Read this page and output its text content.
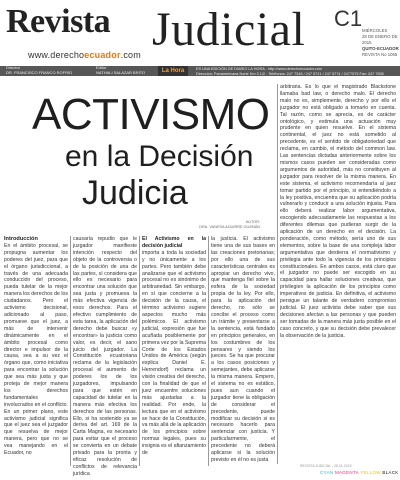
Revista
www.derechoecuador.com Judicial C1 MIÉRCOLES
28 DE ENERO DE 2015
QUITO-ECUADOR
REVISTA No 1065
Director
DR. FRANCISCO FRANCO ROFRÍO
Editor
NATHALI SALAZAR BRITO	La Hora	ES UNA EDICIÓN DE DIARIO LA HORA - http://www.derechoecuador.com
Dirección: Panamericana Norte Km 3 1/2 - Teléfonos: 247 7345 / 247 5721 / 247 5774 / 2477575 Fax: 247 7505
ACTIVISMO
en la Decisión
Judicia
AUTOR:
DRA. VANESA AGUIRRE GUZMÁN

Introducción

En el ámbito procesal, se propugna aumentar los poderes del juez, para que el órgano jurisdiccional, a través de una adecuada conducción del proceso, pueda tutelar de la mejor manera los derechos de los ciudadanos. Pero el activismo decisional, adicionado al paso, promueve que el juez, a más de intervenir dinámicamente en el ámbito procesal como director e impulsor de la causa, sea a su vez el órgano que, como iniciativa para encontrar la solución que sea más justa y que proteja de mejor manera los derechos fundamentales involucrados en el conflicto. En un primer plano, este activismo judicial significa que el juez sea el juzgador que resuelva de mejor manera, pero que no se vea manejando en el Ecuador, no

causaría repudio que le juzgador manifieste intención respecto del objeto de la controversia o de la posición de una de las partes, sí considera que ello es necesario para encontrar una solución que sea justa y promueva la más efectiva vigencia de esos derechos. Para el efectivo cumplimiento de esta tarea, la aplicación del derecho debe buscar «y encontrar» la justicia como valor, es decir, el sano juicio del juzgador. La Constitución ecuatoriana reclama de la legislación procesal el aumento de poderes los de los juzgadores, impulsando para que estén en capacidad de tutelar en la manera más efectiva los derechos de las personas. Ello, si ha sostenido ya se deriva del art. 169 de la Carta Magna, es necesario para evitar que el proceso se convierta en un debate privado para la pronta y eficaz resolución de conflictos de relevancia jurídica

El Activismo en la decisión judicial

importa a toda la sociedad y no únicamente a los partes. Pero también debe analizarse que el activismo procesal no es sinónimo de arbitrariedad. Sin embargo, en sí que concierne a la decisión de la causa, el término activismo sugiere aspectos mucho más polémicos. El activismo judicial, expresión que fue acuñada posiblemente por primera vez por la Suprema Corte de los Estados Unidos de América (según explica Daniel E. Herrendorf) reclama un visión creativa del derecho, con la finalidad de que el juez encuentre soluciones más ajustadas a la realidad. Por ende, la lectura que en el activismo se hace de la Constitución, va más allá de la aplicación de los principios sobre normas legales, pues su insignia es el afianzamiento de

la justicia. El activismo tiene una de sus bases en las creaciones pretorianas; por ello una de sus características centrales es apropiar un derecho vivo, que mantenga fiel sobre la esfera de la sociedad propia de la ley. Por ello, para la aplicación del derecho, no sólo se concibe el proceso como un trámite y presentarse a la sentencia, está fundado en principios generales, en los costumbres de los pensares y siendo los jueces. Se ha que procurar a los casos posiciones y semejantes, debe aplicarse la misma manera. Empero, el sistema no es estático, pues aun cuando el juzgador tiene la obligación de considerar el precedente, puede modificar su decisión si es necesario hacerlo para sentenciar con justicia. Y particularmente, el precedente no deberá aplicarse si la solución previsto en él no es justa

arbitraria. Es lo que el magistrado Blackstone llamaba bad law, o derecho malo. El derecho malo no es, simplemente, derecho y por ello el juzgador no está obligado a tomarlo en cuenta. Tal razón, como se aprecia, es de carácter ontológico, y estimula una actuación muy prudente en quien resuelve. En el sistema continental, el juez no está sometido al precedente, es el sentido de obligatoriedad que reclama, en cambio, el método del common law. Las sentencias dictadas anteriormente sobre los mismos casos pueden ser consideradas como argumentos de autoridad, más no constituyen al juzgador para resolver de la misma manera. En este sistema, el activismo recomendaría al juez tomar partido por el principio, si entendiéndolo a la ley positiva, encuentra que su aplicación podría vulnerarlo y conducir a una solución injusta. Para ello deberá realizar labor argumentativa, escogiendo adecuadamente las respuestas a los diferentes dilemas que pudieran surgir de la aplicación de un derecho en el decisión. La ponderación, como método, sería uno de sus elementos, sobre la base de una compleja labor argumentativa que destierra el normativismo y privilegia ante todo la vigencia de los principios constitucionales. En ambos casos, está claro que el juzgador no puede ser escogido en su capacidad para hallar soluciones creativas, que privilegien la aplicación de los principios como imperativos de justicia. En definitiva, el activismo persigue un talante de verdadero compromiso judicial. El juez activista debe saber que sus decisiones afectan a las personas y que pueden ser tomadas de la manera más justa posible en el caso concreto, y que su decisión debe prevalecer la observación de la justicia.

REVISTA JUDICIAL - 28.01.2015
CYAN MAGENTA YELLOW BLACK
